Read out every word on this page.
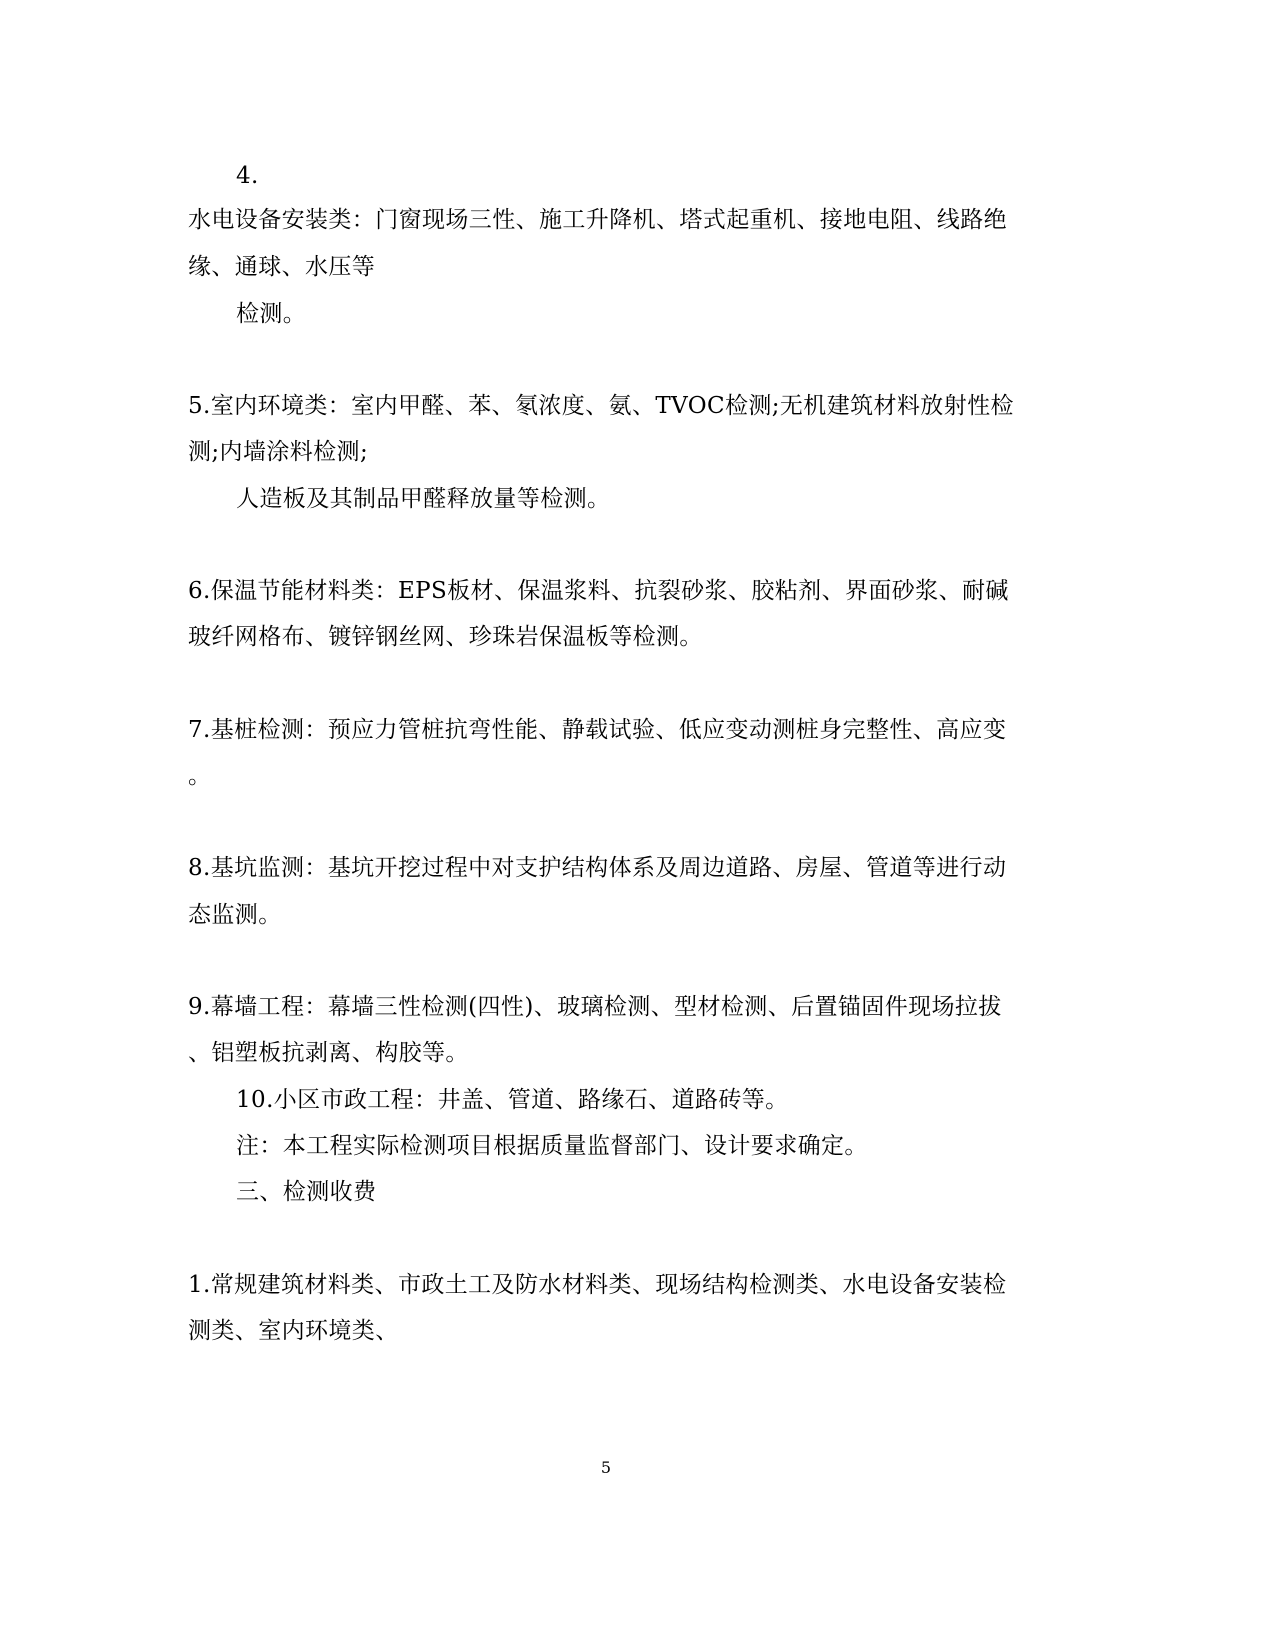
4.
水电设备安装类：门窗现场三性、施工升降机、塔式起重机、接地电阻、线路绝
缘、通球、水压等
检测。
5.室内环境类：室内甲醛、苯、氡浓度、氨、TVOC检测;无机建筑材料放射性检
测;内墙涂料检测;
人造板及其制品甲醛释放量等检测。
6.保温节能材料类：EPS板材、保温浆料、抗裂砂浆、胶粘剂、界面砂浆、耐碱
玻纤网格布、镀锌钢丝网、珍珠岩保温板等检测。
7.基桩检测：预应力管桩抗弯性能、静载试验、低应变动测桩身完整性、高应变
。
8.基坑监测：基坑开挖过程中对支护结构体系及周边道路、房屋、管道等进行动
态监测。
9.幕墙工程：幕墙三性检测(四性)、玻璃检测、型材检测、后置锚固件现场拉拔
、铝塑板抗剥离、构胶等。
10.小区市政工程：井盖、管道、路缘石、道路砖等。
注：本工程实际检测项目根据质量监督部门、设计要求确定。
三、检测收费
1.常规建筑材料类、市政土工及防水材料类、现场结构检测类、水电设备安装检
测类、室内环境类、
5
